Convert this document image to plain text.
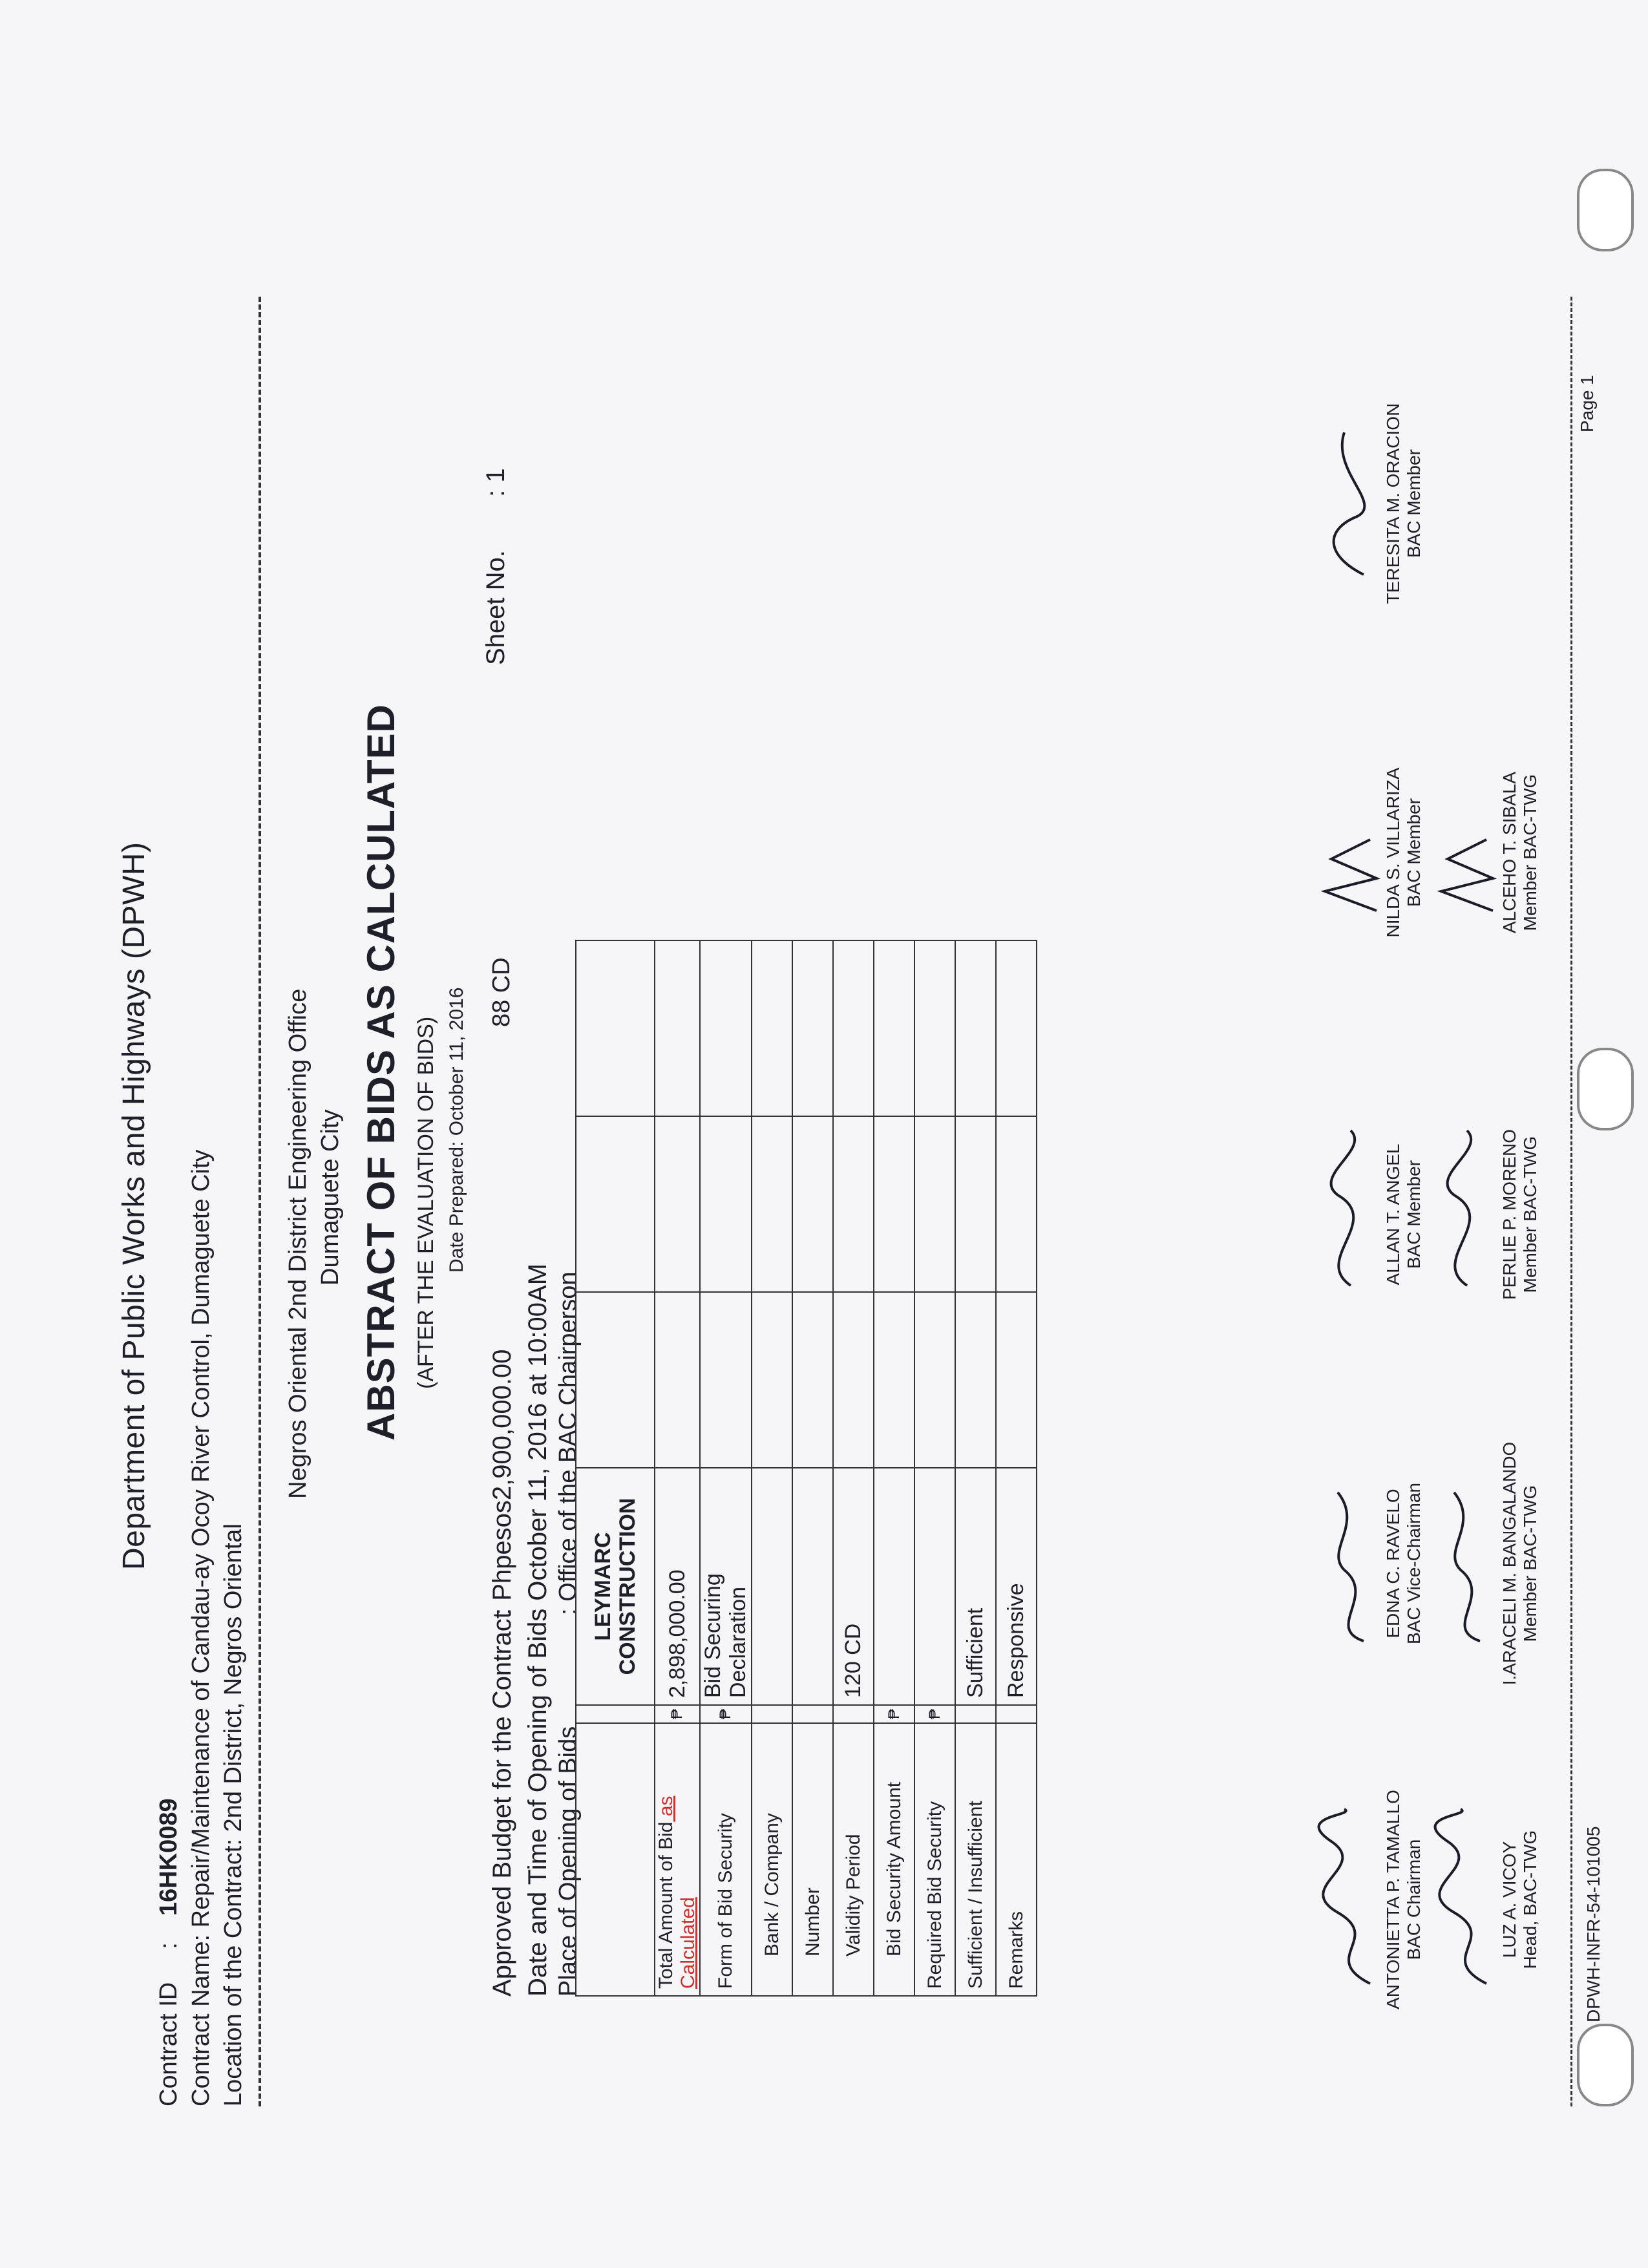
Department of Public Works and Highways (DPWH)
Contract ID  :  16HK0089
Contract Name: Repair/Maintenance of Candau-ay Ocoy River Control, Dumaguete City
Location of the Contract: 2nd District, Negros Oriental
Negros Oriental 2nd District Engineering Office Dumaguete City ABSTRACT OF BIDS AS CALCULATED (AFTER THE EVALUATION OF BIDS) Date Prepared: October 11, 2016
Approved Budget for the Contract
: Phpesos2,900,000.00
88 CD
Date and Time of Opening of Bids
: October 11, 2016 at 10:00AM
Place of Opening of Bids
: Office of the BAC Chairperson
Sheet No.  : 1
		LEYMARC CONSTRUCTION			
Total Amount of Bid as Calculated	₱	2,898,000.00			
Form of Bid Security	₱	Bid Securing Declaration			
Bank / Company					
Number					
Validity Period		120 CD			
Bid Security Amount	₱				
Required Bid Security	₱				
Sufficient / Insufficient		Sufficient			
Remarks		Responsive			
ANTONIETTA P. TAMALLO BAC Chairman
EDNA C. RAVELO BAC Vice-Chairman
ALLAN T. ANGEL BAC Member
NILDA S. VILLARIZA BAC Member
TERESITA M. ORACION BAC Member
LUZ A. VICOY Head, BAC-TWG
I.ARACELI M. BANGALANDO Member BAC-TWG
PERLIE P. MORENO Member BAC-TWG
ALCEHO T. SIBALA Member BAC-TWG
DPWH-INFR-54-101005
Page 1
